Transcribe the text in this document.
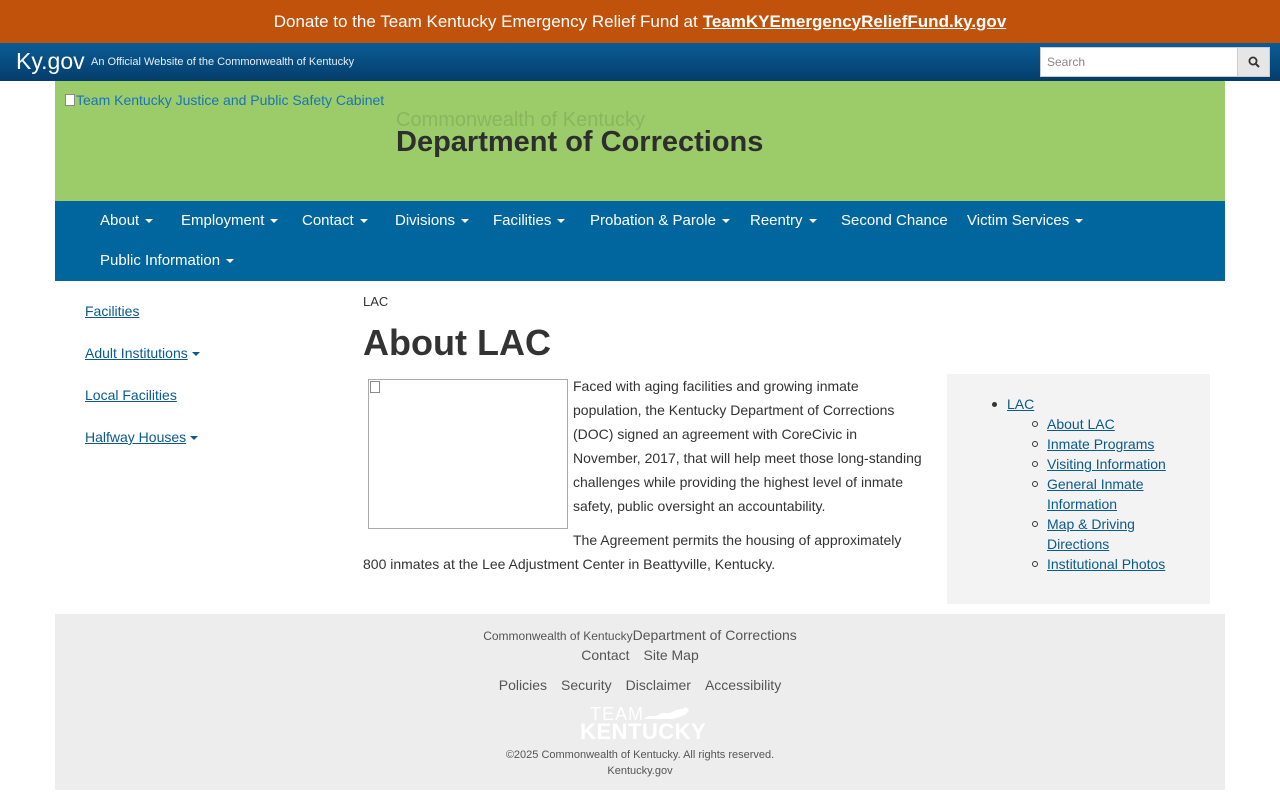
Donate to the Team Kentucky Emergency Relief Fund at TeamKYEmergencyReliefFund.ky.gov
Ky.gov An Official Website of the Commonwealth of Kentucky
Search
Team Kentucky Justice and Public Safety Cabinet
Commonwealth of Kentucky
Department of Corrections
About	Employment	Contact	Divisions	Facilities	Probation & Parole	Reentry	Second Chance Victim Services
Public Information
Facilities
Adult Institutions
Local Facilities
Halfway Houses
LAC
About LAC

Faced with aging facilities and growing inmate population, the Kentucky Department of Corrections (DOC) signed an agreement with CoreCivic in November, 2017, that will help meet those long-standing challenges while providing the highest level of inmate safety, public oversight an accountability.

The Agreement permits the housing of approximately 800 inmates at the Lee Adjustment Center in Beattyville, Kentucky.

LAC
About LAC
Inmate Programs
Visiting Information
General Inmate Information
Map & Driving Directions
Institutional Photos
Commonwealth of Kentucky Department of Corrections
Contact Site Map
Policies Security Disclaimer Accessibility
TEAM
KENTUCKY
©2025 Commonwealth of Kentucky. All rights reserved.
Kentucky.gov
